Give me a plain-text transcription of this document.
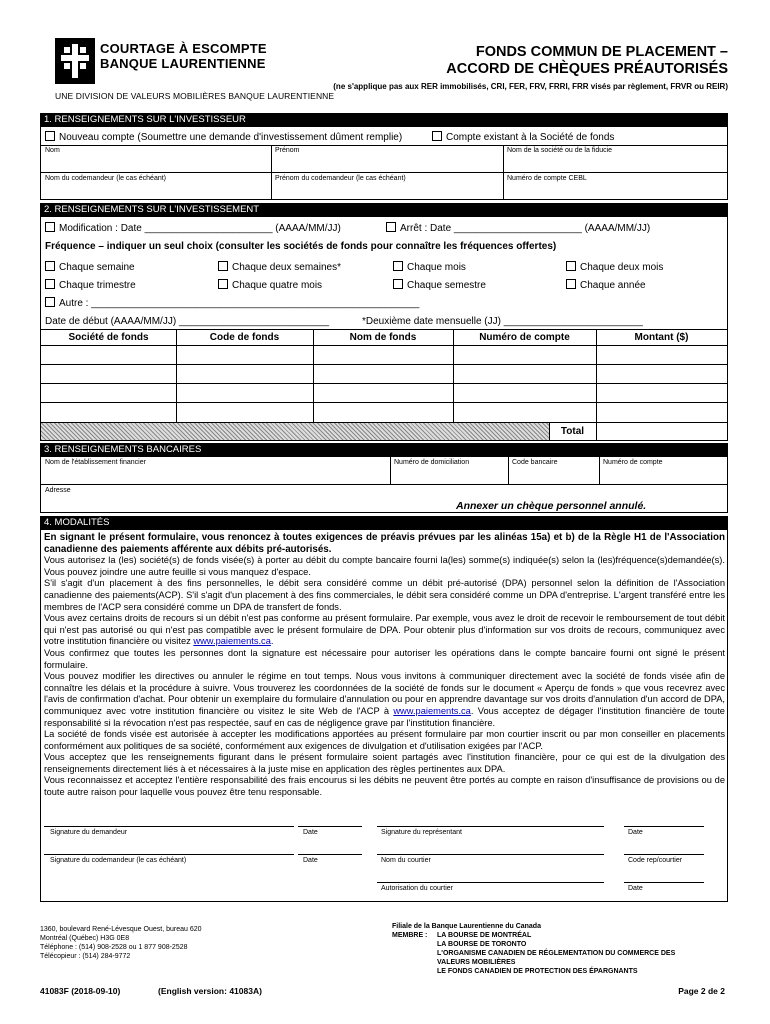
COURTAGE À ESCOMPTE
BANQUE LAURENTIENNE
UNE DIVISION DE VALEURS MOBILIÈRES BANQUE LAURENTIENNE
FONDS COMMUN DE PLACEMENT –
ACCORD DE CHÈQUES PRÉAUTORISÉS
(ne s'applique pas aux RER immobilisés, CRI, FER, FRV, FRRI, FRR visés par règlement, FRVR ou REIR)
1. RENSEIGNEMENTS SUR L'INVESTISSEUR
Nouveau compte (Soumettre une demande d'investissement dûment remplie)	Compte existant à la Société de fonds
Nom	Prénom	Nom de la société ou de la fiducie
Nom du codemandeur (le cas échéant)	Prénom du codemandeur (le cas échéant)	Numéro de compte CEBL
2. RENSEIGNEMENTS SUR L'INVESTISSEMENT
Modification : Date _______________________ (AAAA/MM/JJ)	Arrêt : Date _______________________ (AAAA/MM/JJ)
Fréquence – indiquer un seul choix (consulter les sociétés de fonds pour connaître les fréquences offertes)
Chaque semaine	Chaque deux semaines*	Chaque mois	Chaque deux mois
Chaque trimestre	Chaque quatre mois	Chaque semestre	Chaque année
Autre : ___________________________________________________________
Date de début (AAAA/MM/JJ) ___________________________	*Deuxième date mensuelle (JJ) _________________________
Société de fonds	Code de fonds	Nom de fonds	Numéro de compte	Montant ($)
Total
3. RENSEIGNEMENTS BANCAIRES
Nom de l'établissement financier	Numéro de domiciliation	Code bancaire	Numéro de compte
Adresse
Annexer un chèque personnel annulé.
4. MODALITÉS

En signant le présent formulaire, vous renoncez à toutes exigences de préavis prévues par les alinéas 15a) et b) de la Règle H1 de l'Association canadienne des paiements afférente aux débits pré-autorisés.

Vous autorisez la (les) société(s) de fonds visée(s) à porter au débit du compte bancaire fourni la(les) somme(s) indiquée(s) selon la (les)fréquence(s)demandée(s). Vous pouvez joindre une autre feuille si vous manquez d'espace.

S'il s'agit d'un placement à des fins personnelles, le débit sera considéré comme un débit pré-autorisé (DPA) personnel selon la définition de l'Association canadienne des paiements(ACP). S'il s'agit d'un placement à des fins commerciales, le débit sera considéré comme un DPA d'entreprise. L'argent transféré entre les membres de l'ACP sera considéré comme un DPA de transfert de fonds.

Vous avez certains droits de recours si un débit n'est pas conforme au présent formulaire. Par exemple, vous avez le droit de recevoir le remboursement de tout débit qui n'est pas autorisé ou qui n'est pas compatible avec le présent formulaire de DPA. Pour obtenir plus d'information sur vos droits de recours, communiquez avec votre institution financière ou visitez www.paiements.ca.

Vous confirmez que toutes les personnes dont la signature est nécessaire pour autoriser les opérations dans le compte bancaire fourni ont signé le présent formulaire.

Vous pouvez modifier les directives ou annuler le régime en tout temps. Nous vous invitons à communiquer directement avec la société de fonds visée afin de connaître les délais et la procédure à suivre. Vous trouverez les coordonnées de la société de fonds sur le document « Aperçu de fonds » que vous recevrez avec l'avis de confirmation d'achat. Pour obtenir un exemplaire du formulaire d'annulation ou pour en apprendre davantage sur vos droits d'annulation d'un accord de DPA, communiquez avec votre institution financière ou visitez le site Web de l'ACP à www.paiements.ca. Vous acceptez de dégager l'institution financière de toute responsabilité si la révocation n'est pas respectée, sauf en cas de négligence grave par l'institution financière.

La société de fonds visée est autorisée à accepter les modifications apportées au présent formulaire par mon courtier inscrit ou par mon conseiller en placements conformément aux politiques de sa société, conformément aux exigences de divulgation et d'utilisation exigées par l'ACP.

Vous acceptez que les renseignements figurant dans le présent formulaire soient partagés avec l'institution financière, pour ce qui est de la divulgation des renseignements directement liés à et nécessaires à la juste mise en application des règles pertinentes aux DPA.

Vous reconnaissez et acceptez l'entière responsabilité des frais encourus si les débits ne peuvent être portés au compte en raison d'insuffisance de provisions ou de toute autre raison pour laquelle vous pouvez être tenu responsable.

Signature du demandeur	Date	Signature du représentant	Date
Signature du codemandeur (le cas échéant)	Date	Nom du courtier	Code rep/courtier
Autorisation du courtier	Date
1360, boulevard René-Lévesque Ouest, bureau 620
Montréal (Québec) H3G 0E8
Téléphone : (514) 908-2528 ou 1 877 908-2528
Télécopieur : (514) 284-9772
Filiale de la Banque Laurentienne du Canada
MEMBRE : LA BOURSE DE MONTRÉAL
LA BOURSE DE TORONTO
L'ORGANISME CANADIEN DE RÉGLEMENTATION DU COMMERCE DES VALEURS MOBILIÈRES
LE FONDS CANADIEN DE PROTECTION DES ÉPARGNANTS
41083F (2018-09-10)	(English version: 41083A)	Page 2 de 2
